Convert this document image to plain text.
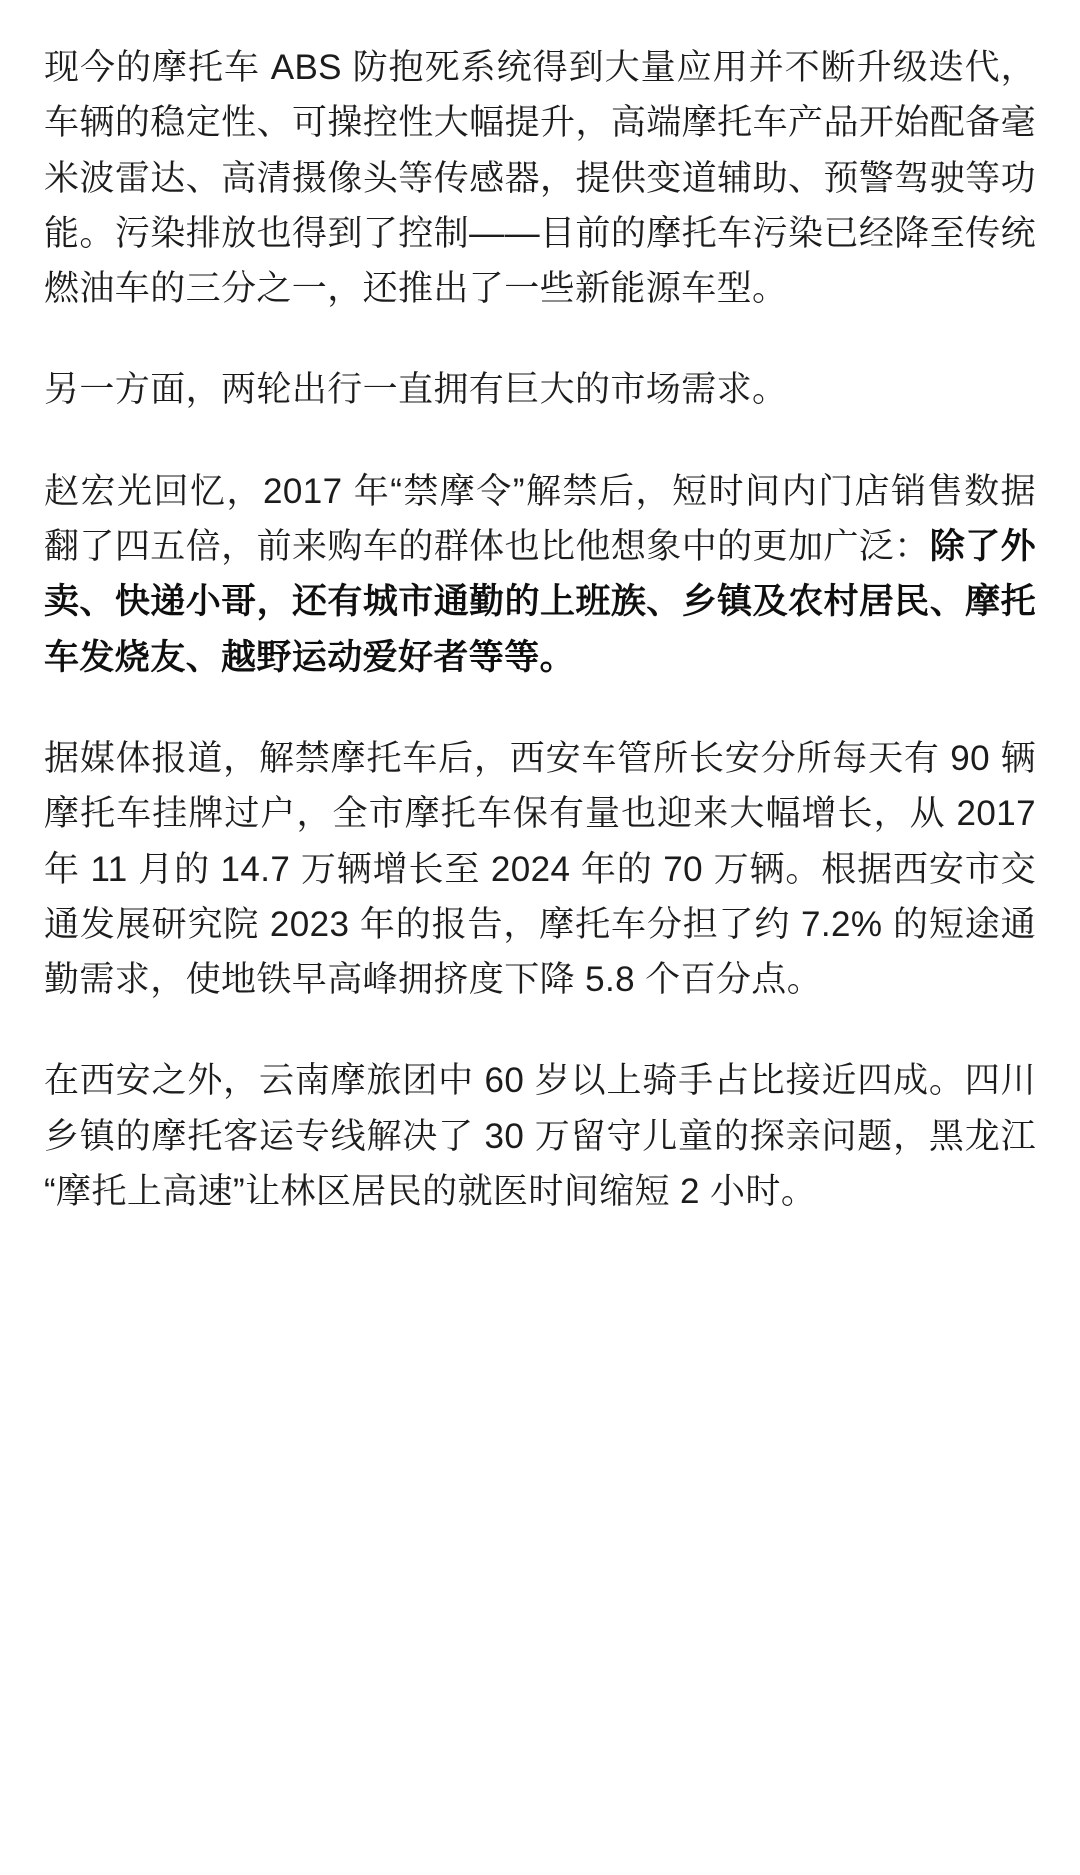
现今的摩托车 ABS 防抱死系统得到大量应用并不断升级迭代，车辆的稳定性、可操控性大幅提升，高端摩托车产品开始配备毫米波雷达、高清摄像头等传感器，提供变道辅助、预警驾驶等功能。污染排放也得到了控制——目前的摩托车污染已经降至传统燃油车的三分之一，还推出了一些新能源车型。

另一方面，两轮出行一直拥有巨大的市场需求。

赵宏光回忆，2017 年“禁摩令”解禁后，短时间内门店销售数据翻了四五倍，前来购车的群体也比他想象中的更加广泛：除了外卖、快递小哥，还有城市通勤的上班族、乡镇及农村居民、摩托车发烧友、越野运动爱好者等等。

据媒体报道，解禁摩托车后，西安车管所长安分所每天有 90 辆摩托车挂牌过户，全市摩托车保有量也迎来大幅增长，从 2017 年 11 月的 14.7 万辆增长至 2024 年的 70 万辆。根据西安市交通发展研究院 2023 年的报告，摩托车分担了约 7.2% 的短途通勤需求，使地铁早高峰拥挤度下降 5.8 个百分点。

在西安之外，云南摩旅团中 60 岁以上骑手占比接近四成。四川乡镇的摩托客运专线解决了 30 万留守儿童的探亲问题，黑龙江“摩托上高速”让林区居民的就医时间缩短 2 小时。
